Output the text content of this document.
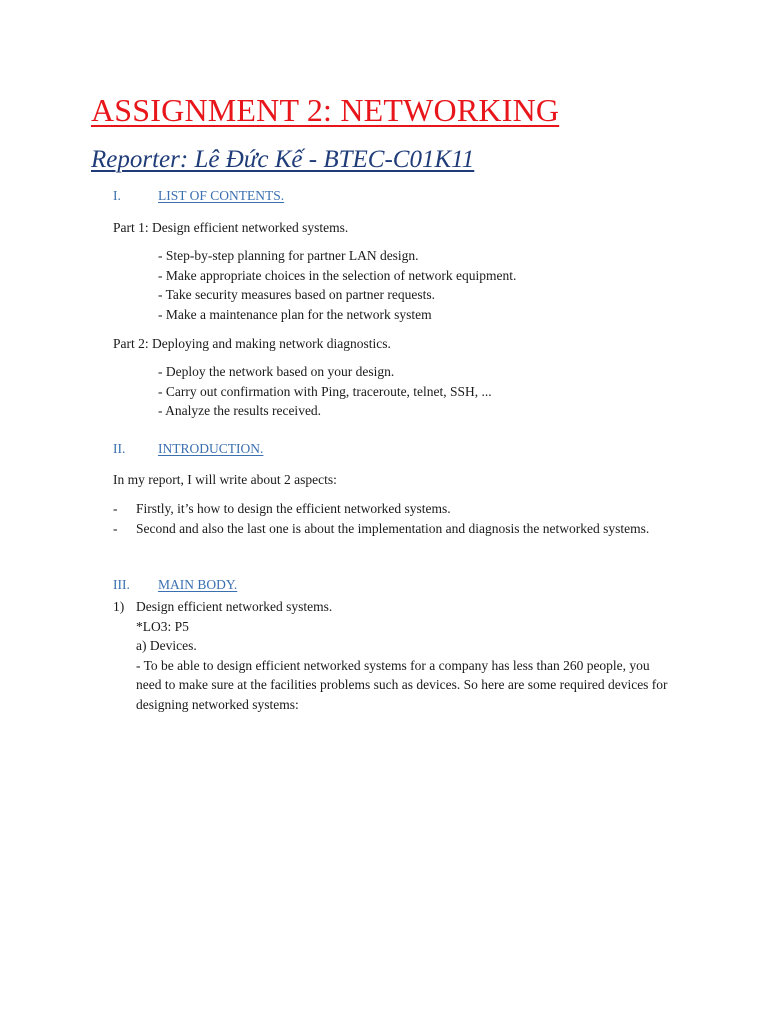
ASSIGNMENT 2: NETWORKING
Reporter: Lê Đức Kế - BTEC-C01K11
I.	LIST OF CONTENTS.

Part 1: Design efficient networked systems.

- Step-by-step planning for partner LAN design.
- Make appropriate choices in the selection of network equipment.
- Take security measures based on partner requests.
- Make a maintenance plan for the network system

Part 2: Deploying and making network diagnostics.

- Deploy the network based on your design.
- Carry out confirmation with Ping, traceroute, telnet, SSH, ...
- Analyze the results received.
II. INTRODUCTION.

In my report, I will write about 2 aspects:

-	Firstly, it’s how to design the efficient networked systems.
-	Second and also the last one is about the implementation and diagnosis the networked systems.
III. MAIN BODY.
1) Design efficient networked systems.

*LO3: P5

a) Devices.

- To be able to design efficient networked systems for a company has less than 260 people, you need to make sure at the facilities problems such as devices. So here are some required devices for designing networked systems:
